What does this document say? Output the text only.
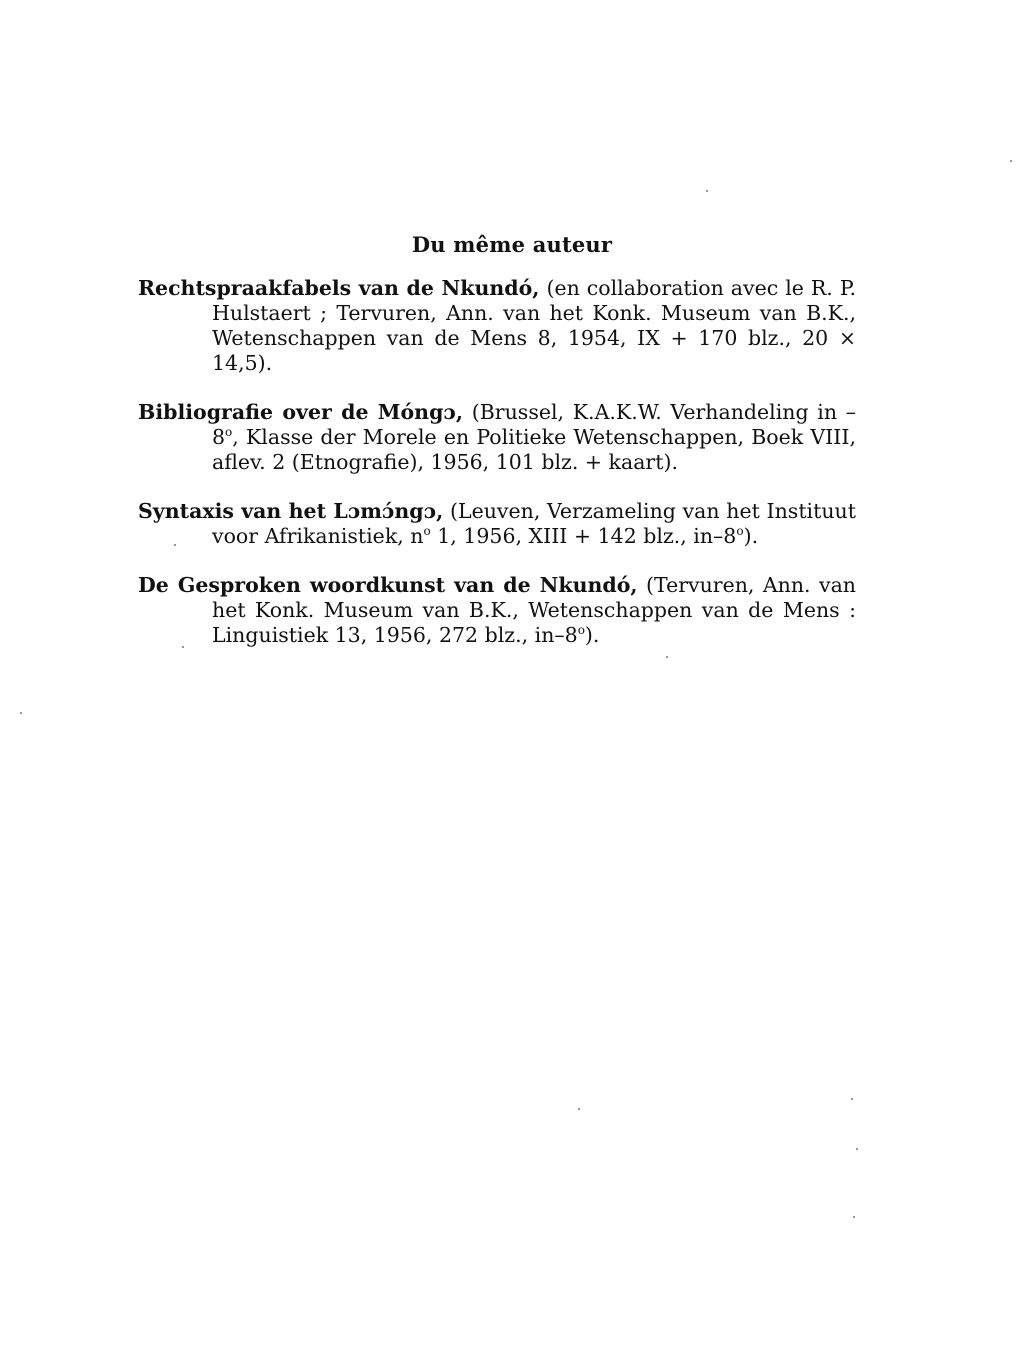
Du même auteur

Rechtspraakfabels van de Nkundó, (en collaboration avec le R. P. Hulstaert ; Tervuren, Ann. van het Konk. Museum van B.K., Wetenschappen van de Mens 8, 1954, IX + 170 blz., 20 × 14,5).

Bibliografie over de Móngɔ, (Brussel, K.A.K.W. Verhandeling in –8$^o$, Klasse der Morele en Politieke Wetenschappen, Boek VIII, aflev. 2 (Etnografie), 1956, 101 blz. + kaart).

Syntaxis van het Lɔmɔ́ngɔ, (Leuven, Verzameling van het Instituut voor Afrikanistiek, $n^o$ 1, 1956, XIII + 142 blz., in–8$^o$).

De Gesproken woordkunst van de Nkundó, (Tervuren, Ann. van het Konk. Museum van B.K., Wetenschappen van de Mens : Linguistiek 13, 1956, 272 blz., in–8$^o$).
